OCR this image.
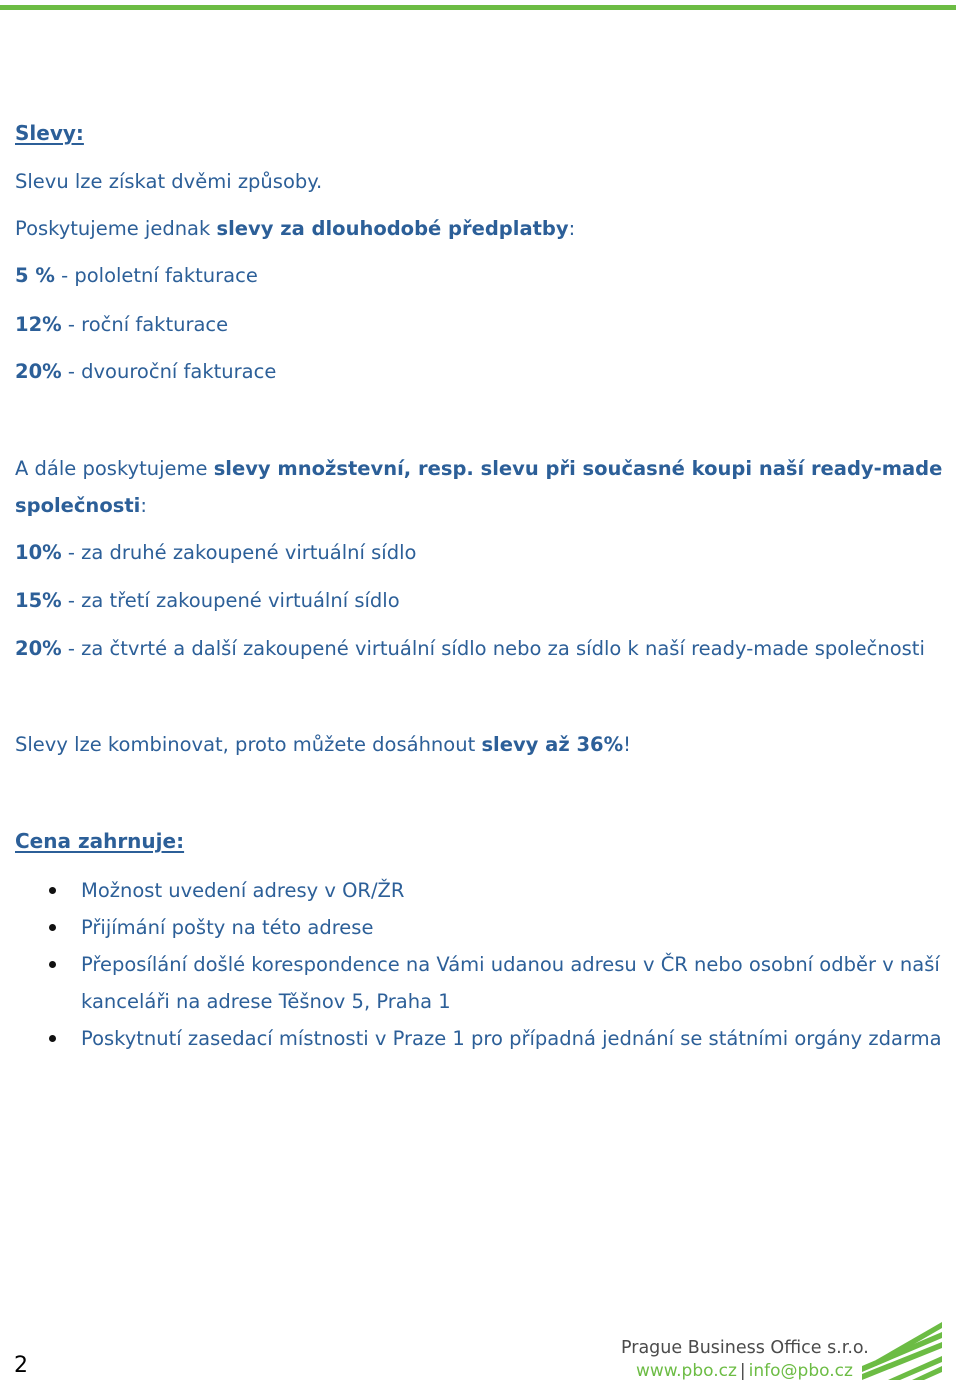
Slevy:
Slevu lze získat dvěmi způsoby.
Poskytujeme jednak slevy za dlouhodobé předplatby:
5 % - pololetní fakturace
12% - roční fakturace
20% - dvouroční fakturace
A dále poskytujeme slevy množstevní, resp. slevu při současné koupi naší ready-made společnosti:
10% - za druhé zakoupené virtuální sídlo
15% - za třetí zakoupené virtuální sídlo
20% - za čtvrté a další zakoupené virtuální sídlo nebo za sídlo k naší ready-made společnosti
Slevy lze kombinovat, proto můžete dosáhnout slevy až 36%!
Cena zahrnuje:
Možnost uvedení adresy v OR/ŽR
Přijímání pošty na této adrese
Přeposílání došlé korespondence na Vámi udanou adresu v ČR nebo osobní odběr v naší kanceláři na adrese Těšnov 5, Praha 1
Poskytnutí zasedací místnosti v Praze 1 pro případná jednání se státními orgány zdarma
2
Prague Business Office s.r.o.
www.pbo.cz | info@pbo.cz
